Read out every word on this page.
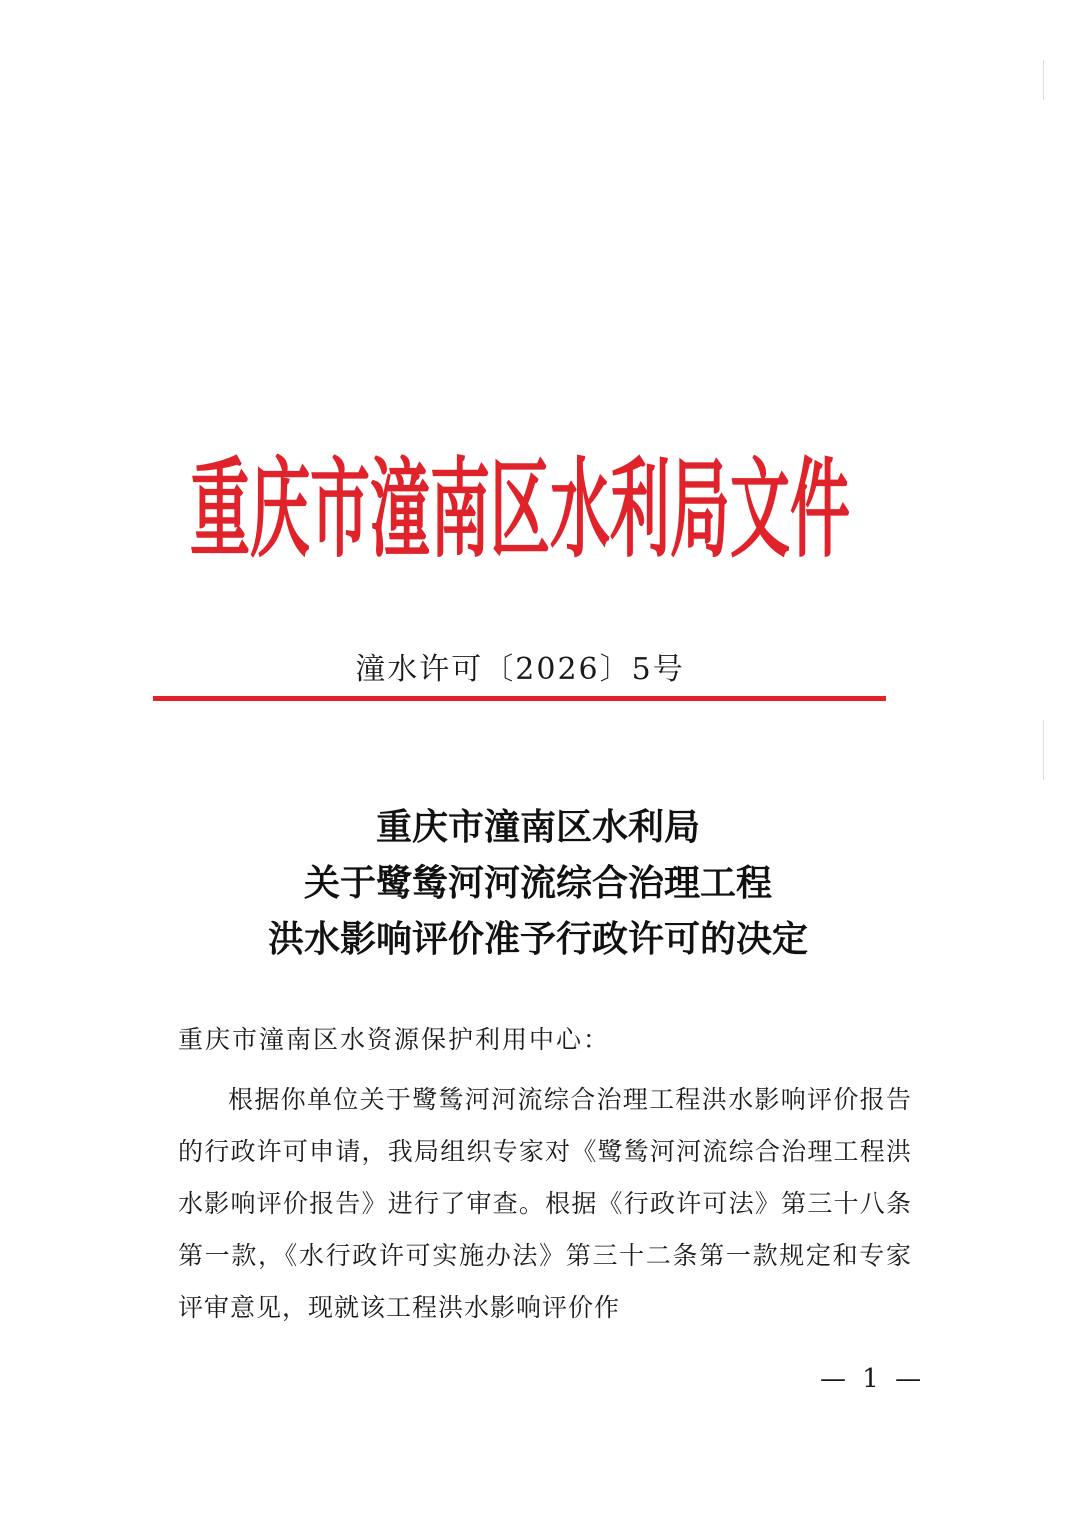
重庆市潼南区水利局文件
潼水许可〔2026〕5号
重庆市潼南区水利局
关于鹭鸶河河流综合治理工程
洪水影响评价准予行政许可的决定
重庆市潼南区水资源保护利用中心：
根据你单位关于鹭鸶河河流综合治理工程洪水影响评价报告的行政许可申请，我局组织专家对《鹭鸶河河流综合治理工程洪水影响评价报告》进行了审查。根据《行政许可法》第三十八条第一款，《水行政许可实施办法》第三十二条第一款规定和专家评审意见，现就该工程洪水影响评价作
— 1 —
